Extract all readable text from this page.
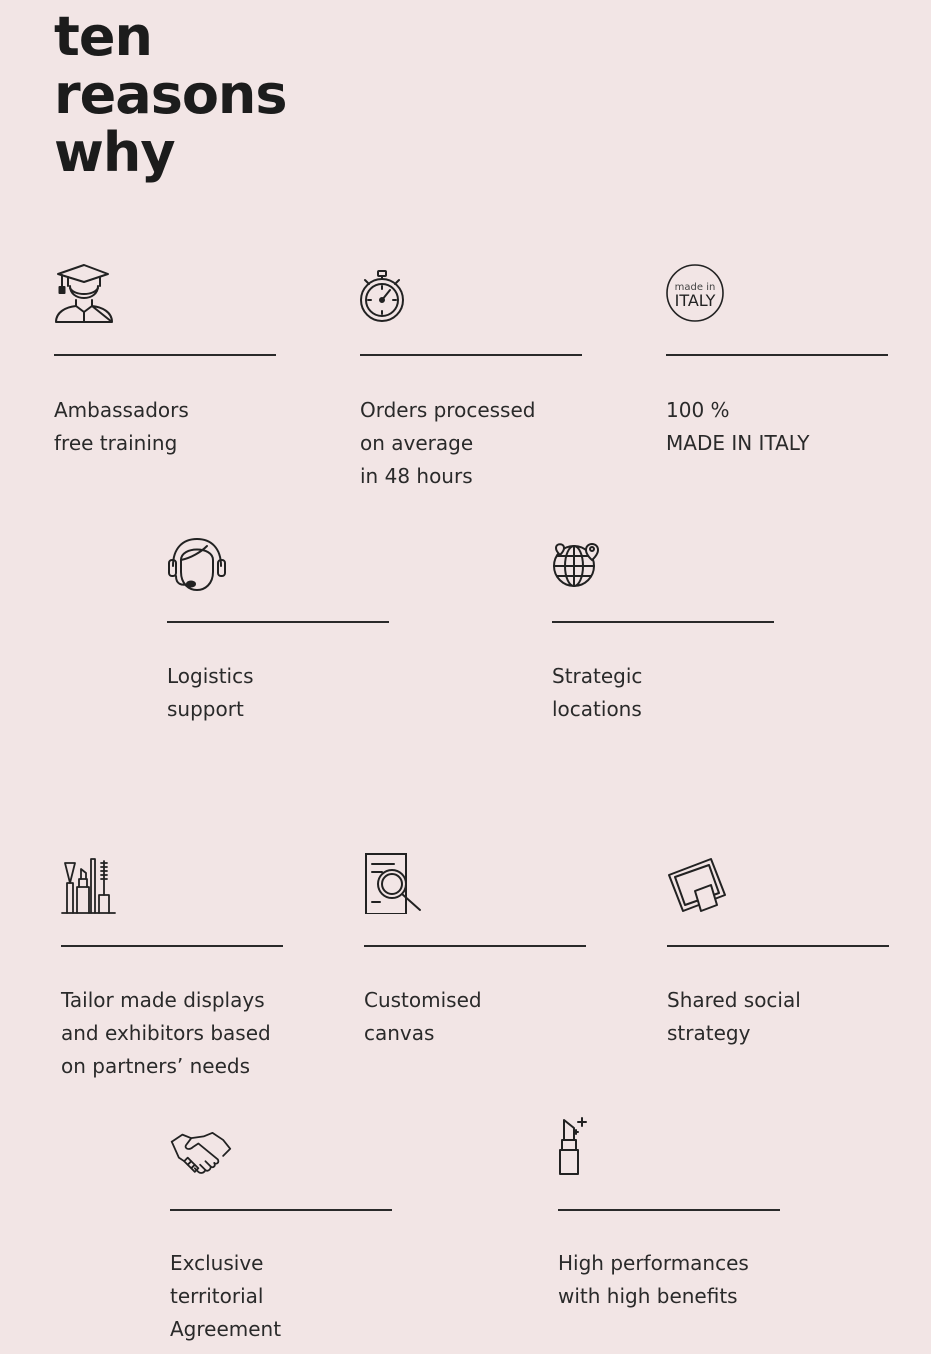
ten
reasons
why
Ambassadors
free training
Orders processed
on average
in 48 hours
made in
ITALY
100 %
MADE IN ITALY
Logistics
support
Strategic
locations
Tailor made displays
and exhibitors based
on partners’ needs
Customised
canvas
Shared social
strategy
Exclusive
territorial
Agreement
High performances
with high benefits
